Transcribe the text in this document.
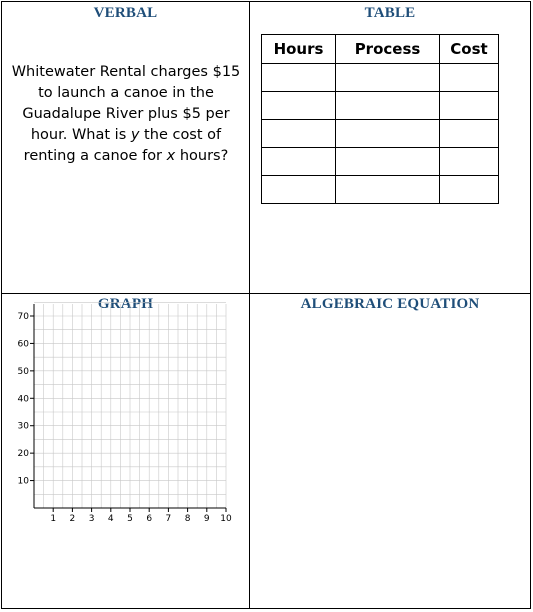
VERBAL
Whitewater Rental charges $15 to launch a canoe in the Guadalupe River plus $5 per hour. What is y the cost of renting a canoe for x hours?
TABLE
Hours	Process	Cost

GRAPH
1 2 3 4 5 6 7 8 9 10
10
20
30
40
50
60
70
ALGEBRAIC EQUATION
